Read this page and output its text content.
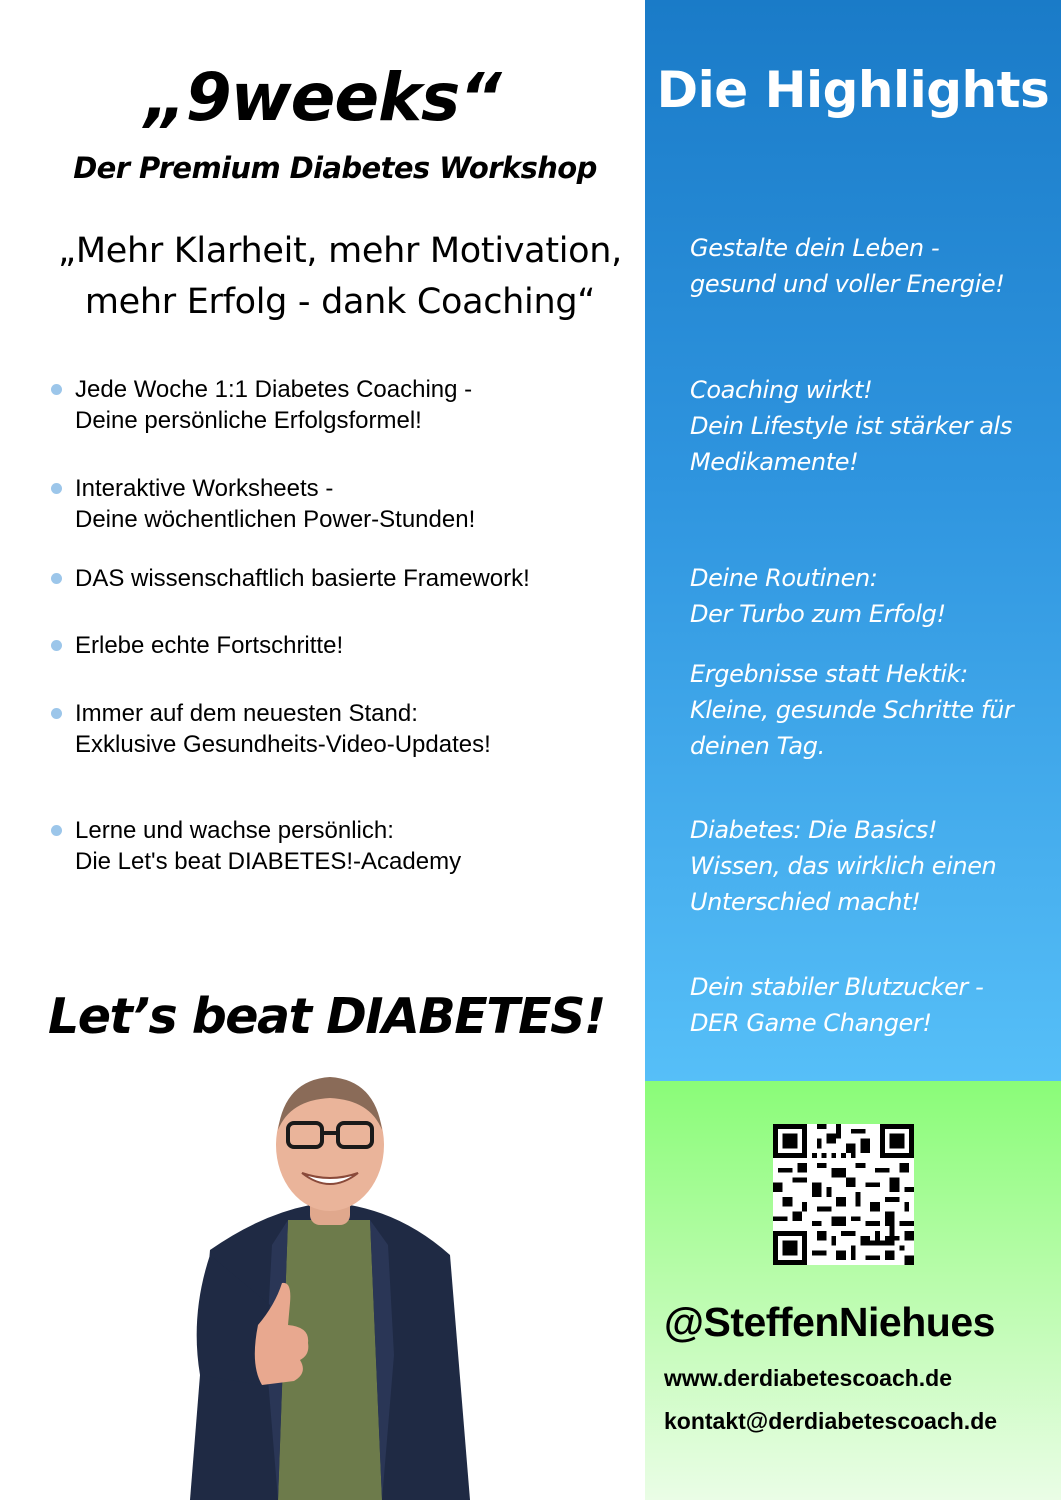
„9weeks“
Der Premium Diabetes Workshop
„Mehr Klarheit, mehr Motivation,
mehr Erfolg - dank Coaching“
Jede Woche 1:1 Diabetes Coaching -
Deine persönliche Erfolgsformel!
Interaktive Worksheets -
Deine wöchentlichen Power-Stunden!
DAS wissenschaftlich basierte Framework!
Erlebe echte Fortschritte!
Immer auf dem neuesten Stand:
Exklusive Gesundheits-Video-Updates!
Lerne und wachse persönlich:
Die Let's beat DIABETES!-Academy
Let’s beat DIABETES!
Die Highlights
Gestalte dein Leben -
gesund und voller Energie!
Coaching wirkt!
Dein Lifestyle ist stärker als
Medikamente!
Deine Routinen:
Der Turbo zum Erfolg!
Ergebnisse statt Hektik:
Kleine, gesunde Schritte für
deinen Tag.
Diabetes: Die Basics!
Wissen, das wirklich einen
Unterschied macht!
Dein stabiler Blutzucker -
DER Game Changer!
@SteffenNiehues
www.derdiabetescoach.de
kontakt@derdiabetescoach.de
